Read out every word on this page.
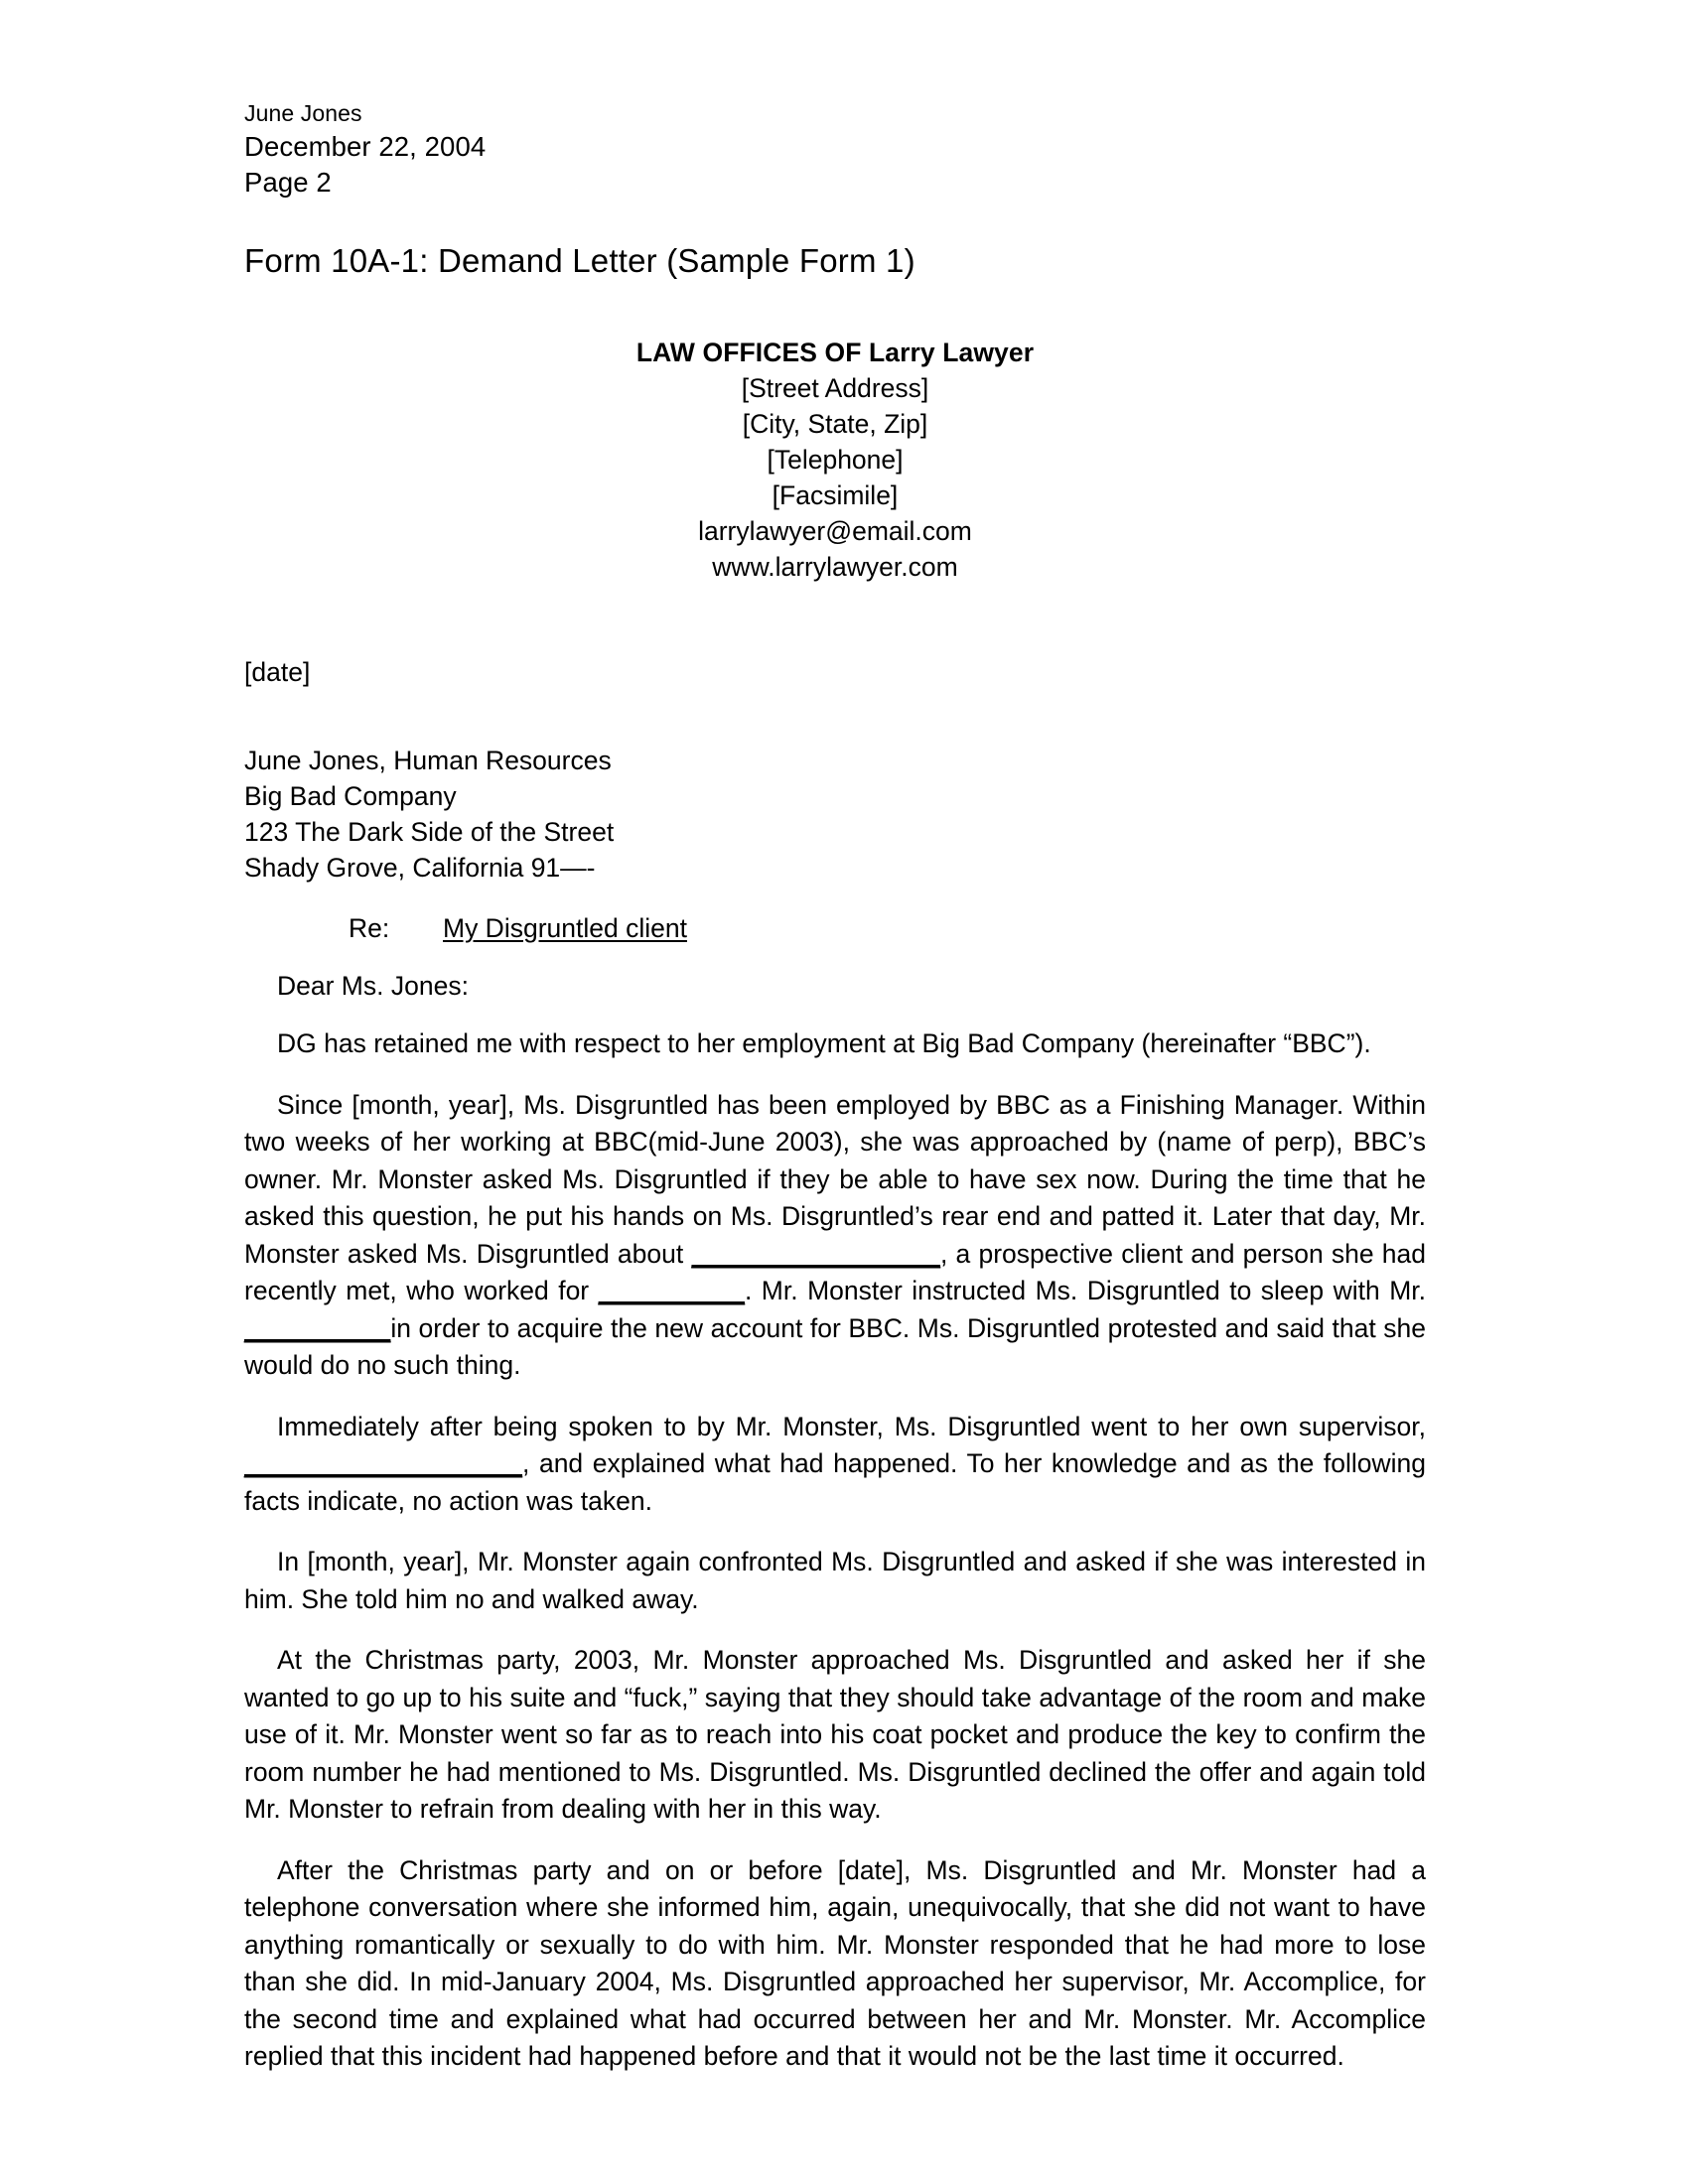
June Jones
December 22, 2004
Page 2
Form 10A-1: Demand Letter (Sample Form 1)
LAW OFFICES OF Larry Lawyer
[Street Address]
[City, State, Zip]
[Telephone]
[Facsimile]
larrylawyer@email.com
www.larrylawyer.com
[date]
June Jones, Human Resources
Big Bad Company
123 The Dark Side of the Street
Shady Grove, California 91—-
Re: My Disgruntled client
Dear Ms. Jones:

DG has retained me with respect to her employment at Big Bad Company (hereinafter “BBC”).

Since [month, year], Ms. Disgruntled has been employed by BBC as a Finishing Manager. Within two weeks of her working at BBC(mid-June 2003), she was approached by (name of perp), BBC’s owner. Mr. Monster asked Ms. Disgruntled if they be able to have sex now. During the time that he asked this question, he put his hands on Ms. Disgruntled’s rear end and patted it. Later that day, Mr. Monster asked Ms. Disgruntled about _________________, a prospective client and person she had recently met, who worked for __________. Mr. Monster instructed Ms. Disgruntled to sleep with Mr. __________in order to acquire the new account for BBC. Ms. Disgruntled protested and said that she would do no such thing.

Immediately after being spoken to by Mr. Monster, Ms. Disgruntled went to her own supervisor, ___________________, and explained what had happened. To her knowledge and as the following facts indicate, no action was taken.

In [month, year], Mr. Monster again confronted Ms. Disgruntled and asked if she was interested in him. She told him no and walked away.

At the Christmas party, 2003, Mr. Monster approached Ms. Disgruntled and asked her if she wanted to go up to his suite and “fuck,” saying that they should take advantage of the room and make use of it. Mr. Monster went so far as to reach into his coat pocket and produce the key to confirm the room number he had mentioned to Ms. Disgruntled. Ms. Disgruntled declined the offer and again told Mr. Monster to refrain from dealing with her in this way.

After the Christmas party and on or before [date], Ms. Disgruntled and Mr. Monster had a telephone conversation where she informed him, again, unequivocally, that she did not want to have anything romantically or sexually to do with him. Mr. Monster responded that he had more to lose than she did. In mid-January 2004, Ms. Disgruntled approached her supervisor, Mr. Accomplice, for the second time and explained what had occurred between her and Mr. Monster. Mr. Accomplice replied that this incident had happened before and that it would not be the last time it occurred.
